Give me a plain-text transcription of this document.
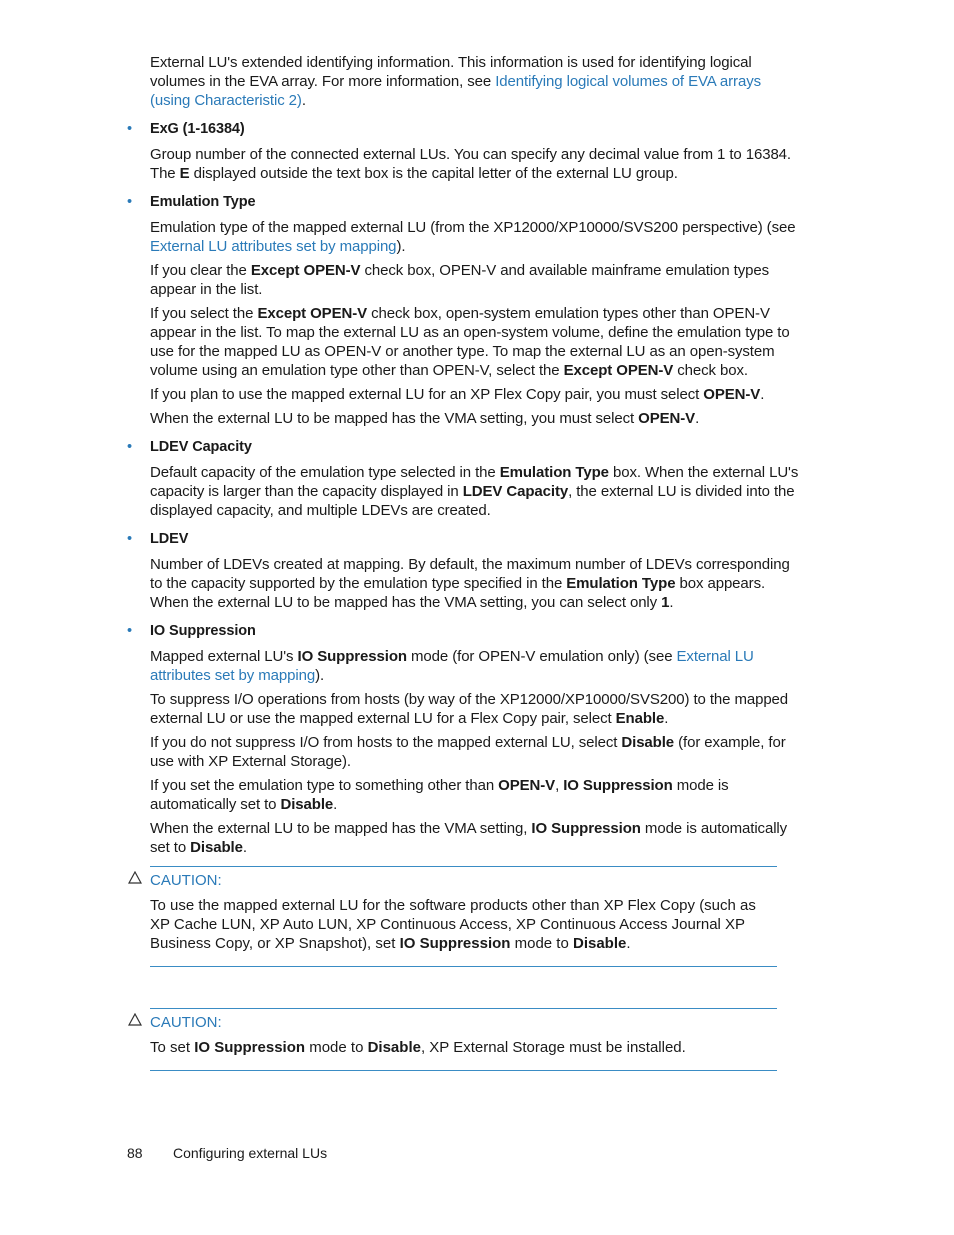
External LU's extended identifying information. This information is used for identifying logical volumes in the EVA array. For more information, see Identifying logical volumes of EVA arrays (using Characteristic 2).

• ExG (1-16384)

Group number of the connected external LUs. You can specify any decimal value from 1 to 16384. The E displayed outside the text box is the capital letter of the external LU group.

• Emulation Type

Emulation type of the mapped external LU (from the XP12000/XP10000/SVS200 perspective) (see External LU attributes set by mapping).

If you clear the Except OPEN-V check box, OPEN-V and available mainframe emulation types appear in the list.

If you select the Except OPEN-V check box, open-system emulation types other than OPEN-V appear in the list. To map the external LU as an open-system volume, define the emulation type to use for the mapped LU as OPEN-V or another type. To map the external LU as an open-system volume using an emulation type other than OPEN-V, select the Except OPEN-V check box.

If you plan to use the mapped external LU for an XP Flex Copy pair, you must select OPEN-V.

When the external LU to be mapped has the VMA setting, you must select OPEN-V.

• LDEV Capacity

Default capacity of the emulation type selected in the Emulation Type box. When the external LU's capacity is larger than the capacity displayed in LDEV Capacity, the external LU is divided into the displayed capacity, and multiple LDEVs are created.

• LDEV

Number of LDEVs created at mapping. By default, the maximum number of LDEVs corresponding to the capacity supported by the emulation type specified in the Emulation Type box appears. When the external LU to be mapped has the VMA setting, you can select only 1.

• IO Suppression

Mapped external LU's IO Suppression mode (for OPEN-V emulation only) (see External LU attributes set by mapping).

To suppress I/O operations from hosts (by way of the XP12000/XP10000/SVS200) to the mapped external LU or use the mapped external LU for a Flex Copy pair, select Enable.

If you do not suppress I/O from hosts to the mapped external LU, select Disable (for example, for use with XP External Storage).

If you set the emulation type to something other than OPEN-V, IO Suppression mode is automatically set to Disable.

When the external LU to be mapped has the VMA setting, IO Suppression mode is automatically set to Disable.

CAUTION:

To use the mapped external LU for the software products other than XP Flex Copy (such as XP Cache LUN, XP Auto LUN, XP Continuous Access, XP Continuous Access Journal XP Business Copy, or XP Snapshot), set IO Suppression mode to Disable.

CAUTION:

To set IO Suppression mode to Disable, XP External Storage must be installed.

88 Configuring external LUs
